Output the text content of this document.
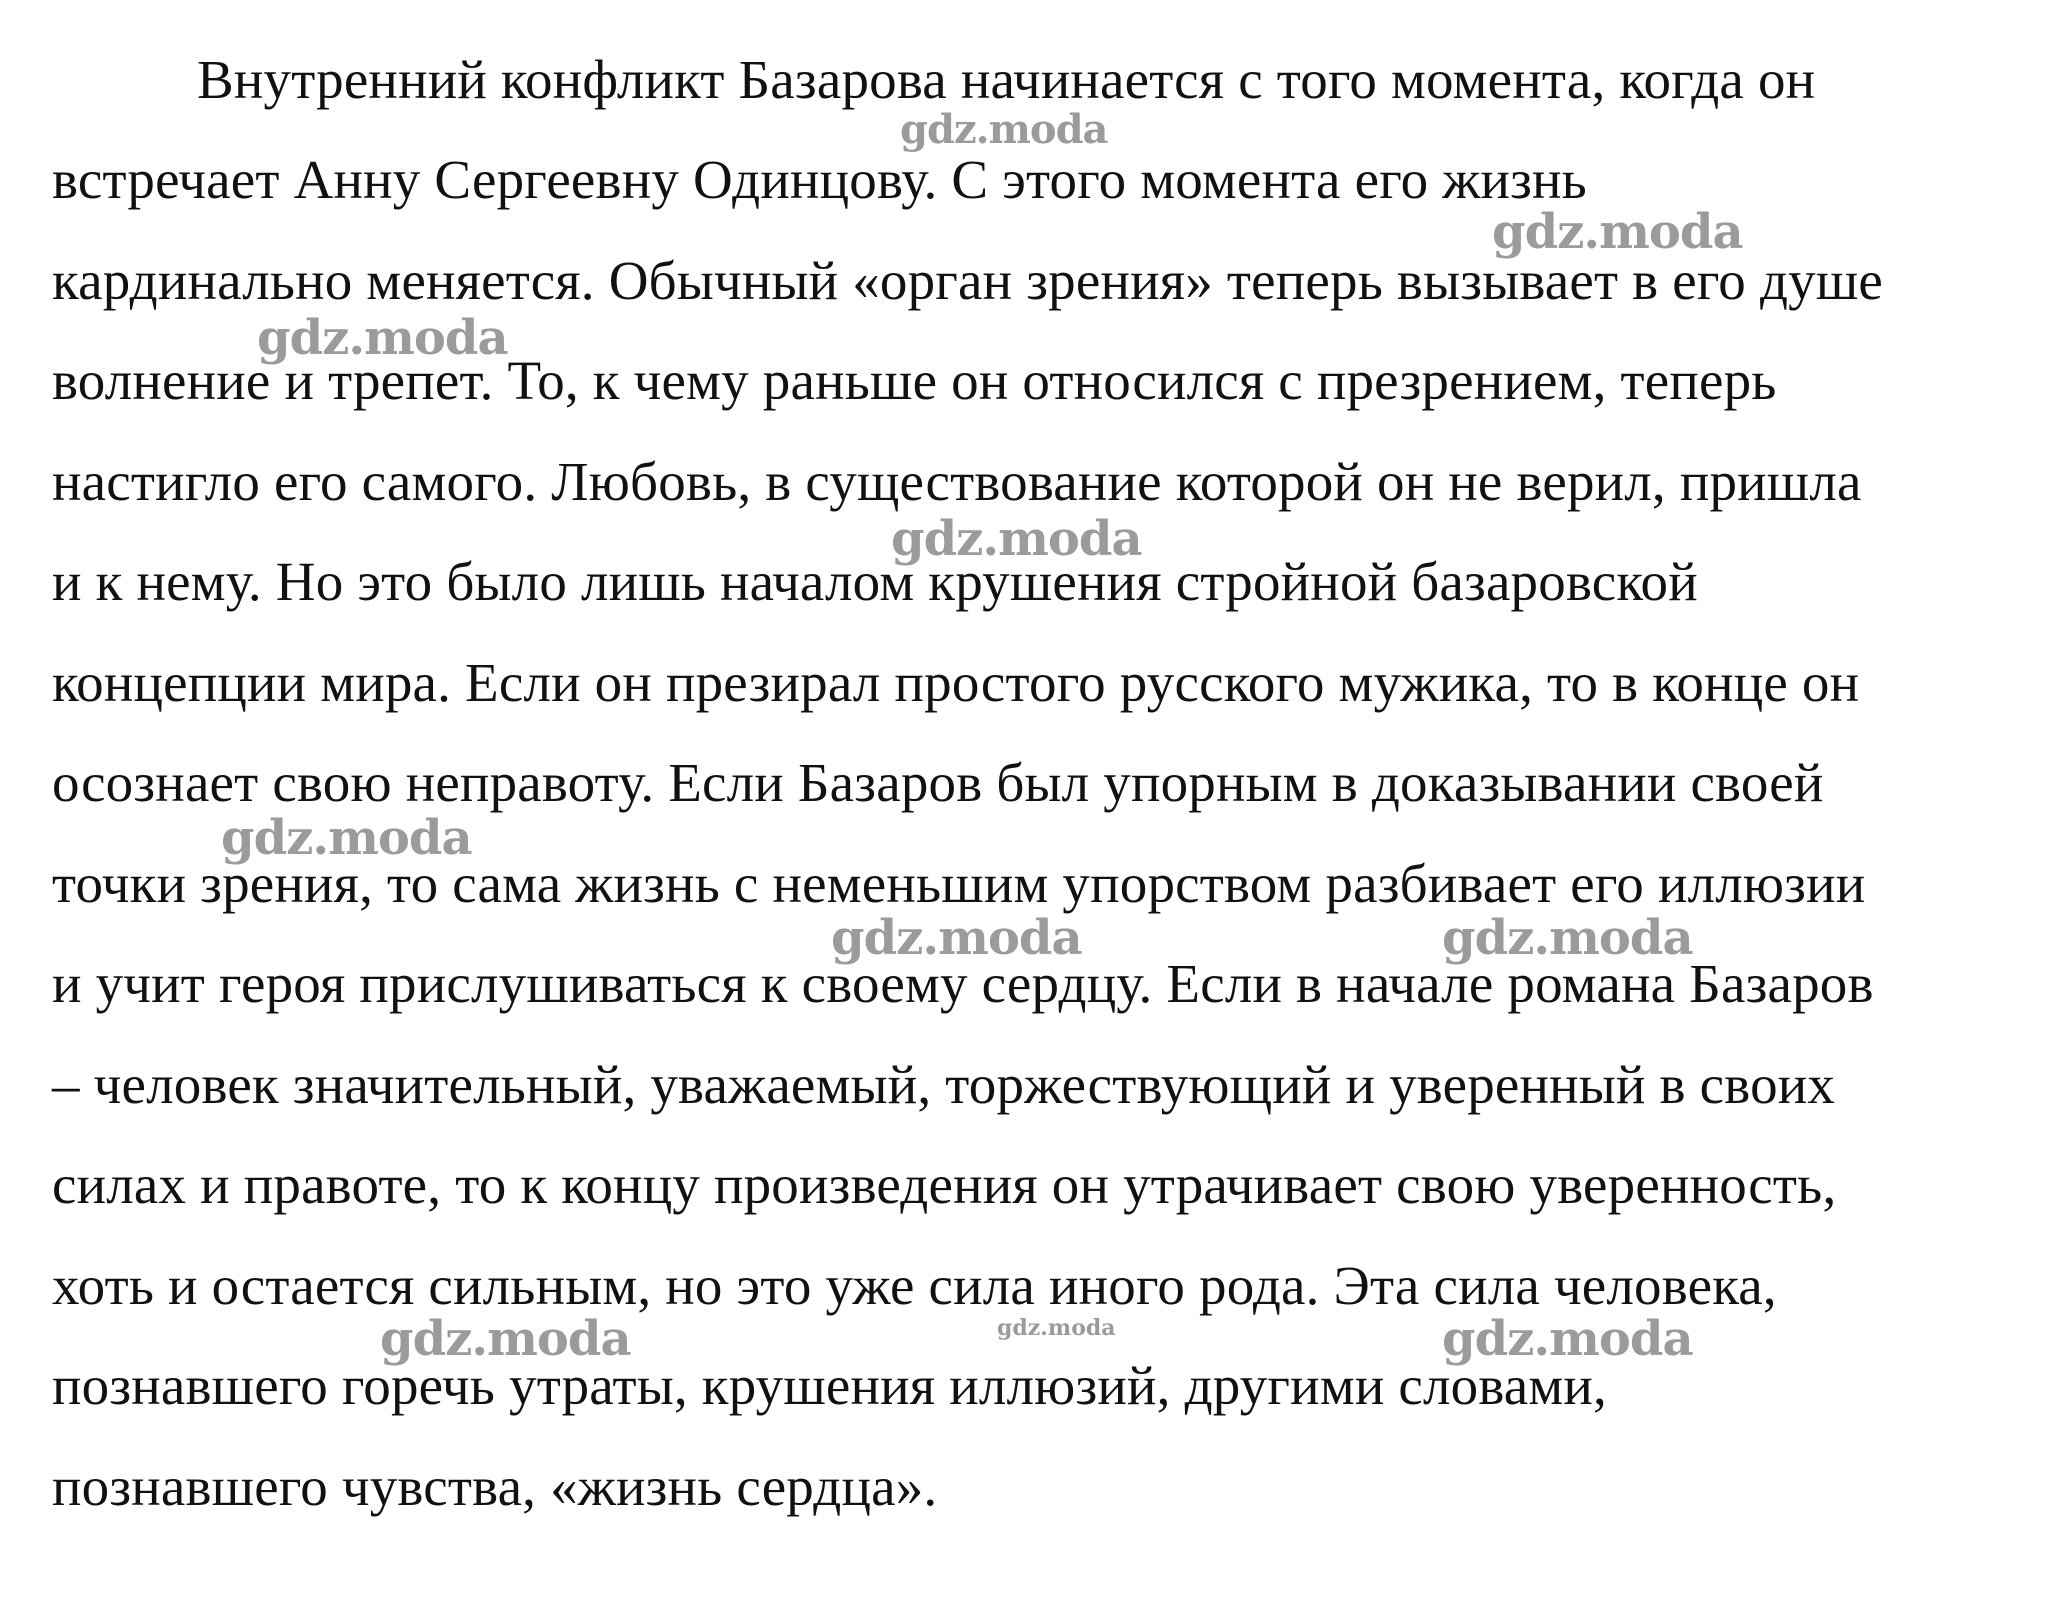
Внутренний конфликт Базарова начинается с того момента, когда он
встречает Анну Сергеевну Одинцову. С этого момента его жизнь
кардинально меняется. Обычный «орган зрения» теперь вызывает в его душе
волнение и трепет. То, к чему раньше он относился с презрением, теперь
настигло его самого. Любовь, в существование которой он не верил, пришла
и к нему. Но это было лишь началом крушения стройной базаровской
концепции мира. Если он презирал простого русского мужика, то в конце он
осознает свою неправоту. Если Базаров был упорным в доказывании своей
точки зрения, то сама жизнь с неменьшим упорством разбивает его иллюзии
и учит героя прислушиваться к своему сердцу. Если в начале романа Базаров
– человек значительный, уважаемый, торжествующий и уверенный в своих
силах и правоте, то к концу произведения он утрачивает свою уверенность,
хоть и остается сильным, но это уже сила иного рода. Эта сила человека,
познавшего горечь утраты, крушения иллюзий, другими словами,
познавшего чувства, «жизнь сердца».
gdz.moda
gdz.moda
gdz.moda
gdz.moda
gdz.moda
gdz.moda	gdz.moda
gdz.moda	gdz.moda	gdz.moda
